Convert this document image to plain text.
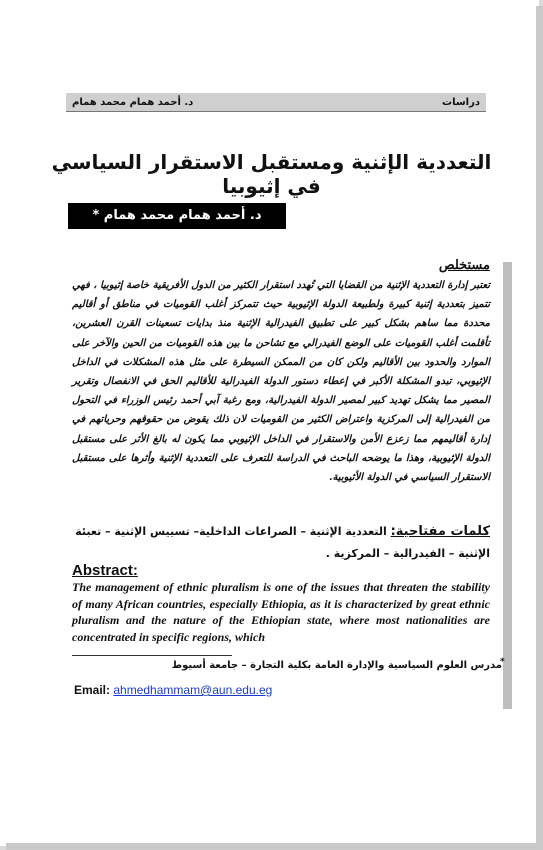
دراسات
د. أحمد همام محمد همام
التعددية الإثنية ومستقبل الاستقرار السياسي في إثيوبيا
د. أحمد همام محمد همام *
مستخلص
تعتبر إدارة التعددية الإثنية من القضايا التي تُهدد استقرار الكثير من الدول الأفريقية خاصة إثيوبيا ، فهي تتميز بتعددية إثنية كبيرة ولطبيعة الدولة الإثيوبية حيث تتمركز أغلب القوميات في مناطق أو أقاليم محددة مما ساهم بشكل كبير على تطبيق الفيدرالية الإثنية منذ بدايات تسعينات القرن العشرين، تأقلمت أغلب القوميات على الوضع الفيدرالي مع تشاحن ما بين هذه القوميات من الحين والآخر على الموارد والحدود بين الأقاليم ولكن كان من الممكن السيطرة على مثل هذه المشكلات في الداخل الإثيوبي، تبدو المشكلة الأكبر في إعطاء دستور الدولة الفيدرالية للأقاليم الحق في الانفصال وتقرير المصير مما يشكل تهديد كبير لمصير الدولة الفيدرالية، ومع رغبة آبي أحمد رئيس الوزراء في التحول من الفيدرالية إلى المركزية واعتراض الكثير من القوميات لان ذلك يقوض من حقوقهم وحرياتهم في إدارة أقاليمهم مما زعزع الأمن والاستقرار في الداخل الإثيوبي مما يكون له بالغ الأثر على مستقبل الدولة الإثيوبية، وهذا ما يوضحه الباحث في الدراسة للتعرف على التعددية الإثنية وأثرها على مستقبل الاستقرار السياسي في الدولة الأثيوبية.
كلمات مفتاحية: التعددية الإثنية – الصراعات الداخلية– تسييس الإثنية – تعبئة الإثنية – الفيدرالية – المركزية .
Abstract:
The management of ethnic pluralism is one of the issues that threaten the stability of many African countries, especially Ethiopia, as it is characterized by great ethnic pluralism and the nature of the Ethiopian state, where most nationalities are concentrated in specific regions, which
*
مدرس العلوم السياسية والإدارة العامة بكلية التجارة – جامعة أسيوط
Email: ahmedhammam@aun.edu.eg
